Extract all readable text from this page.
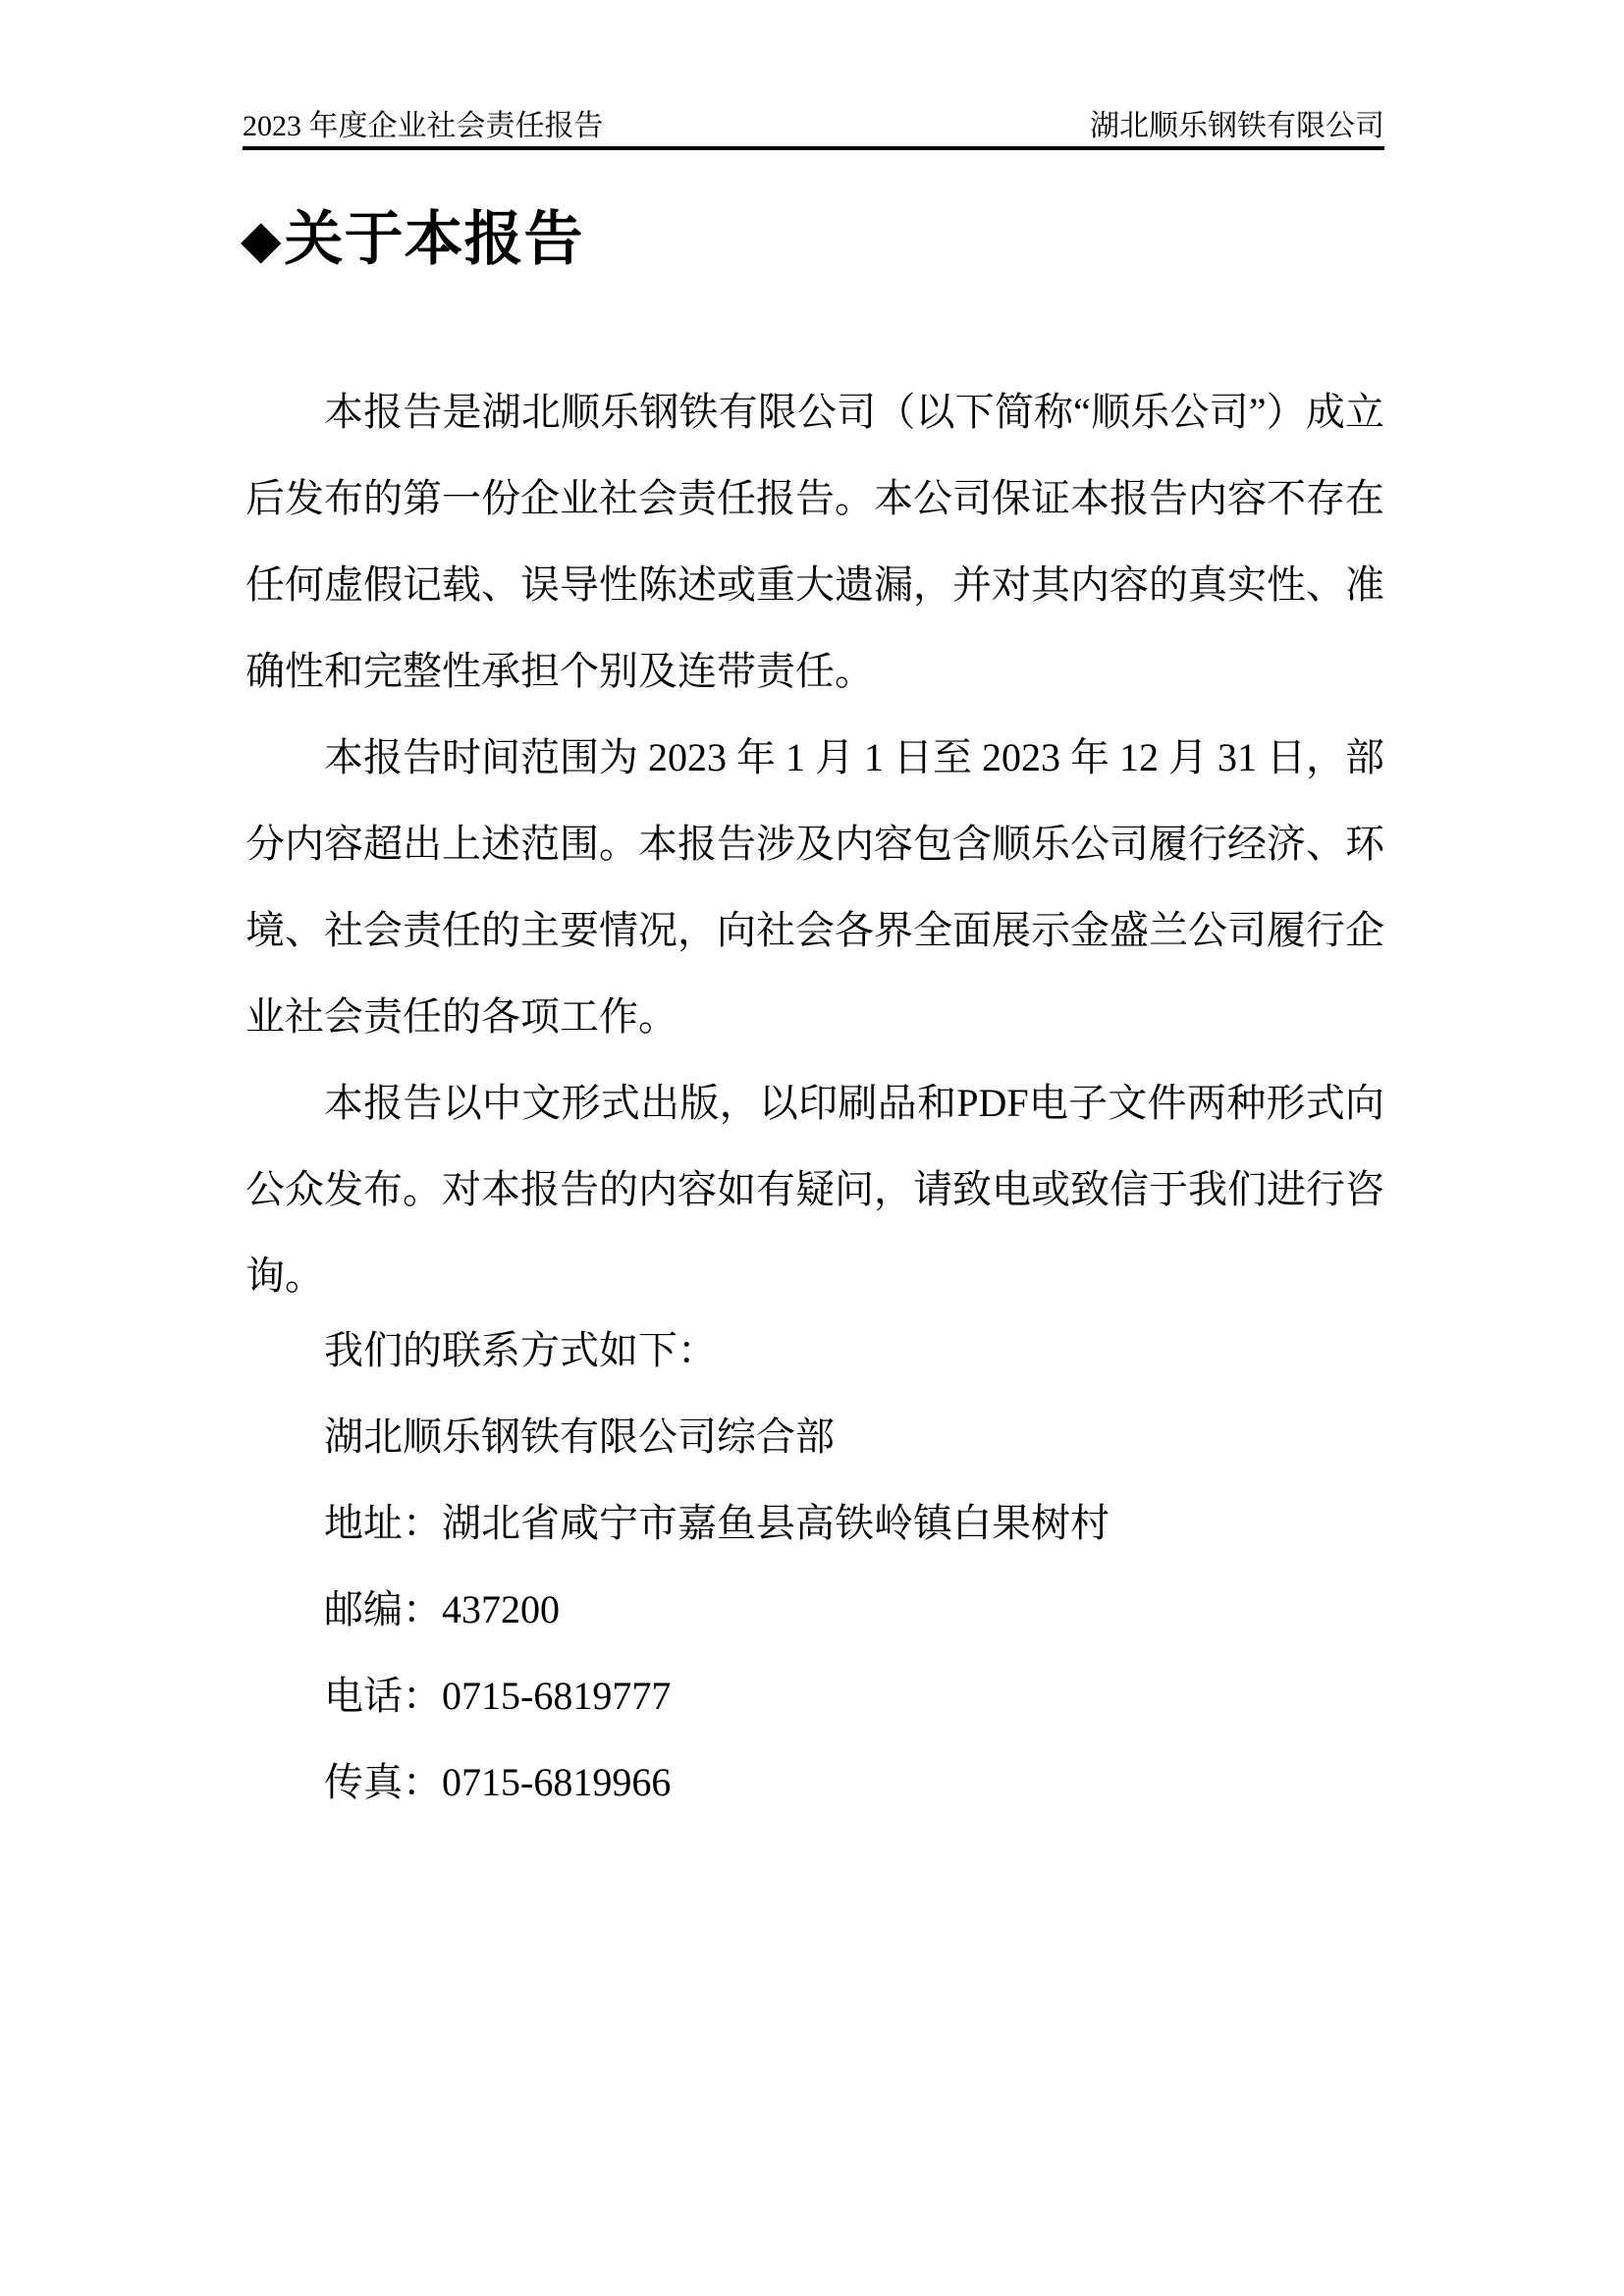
2023 年度企业社会责任报告	湖北顺乐钢铁有限公司
◆关于本报告

本报告是湖北顺乐钢铁有限公司（以下简称“顺乐公司”）成立后发布的第一份企业社会责任报告。本公司保证本报告内容不存在任何虚假记载、误导性陈述或重大遗漏，并对其内容的真实性、准确性和完整性承担个别及连带责任。

本报告时间范围为 2023 年 1 月 1 日至 2023 年 12 月 31 日，部分内容超出上述范围。本报告涉及内容包含顺乐公司履行经济、环境、社会责任的主要情况，向社会各界全面展示金盛兰公司履行企业社会责任的各项工作。

本报告以中文形式出版，以印刷品和PDF电子文件两种形式向公众发布。对本报告的内容如有疑问，请致电或致信于我们进行咨询。

我们的联系方式如下：

湖北顺乐钢铁有限公司综合部

地址：湖北省咸宁市嘉鱼县高铁岭镇白果树村

邮编：437200

电话：0715-6819777

传真：0715-6819966
